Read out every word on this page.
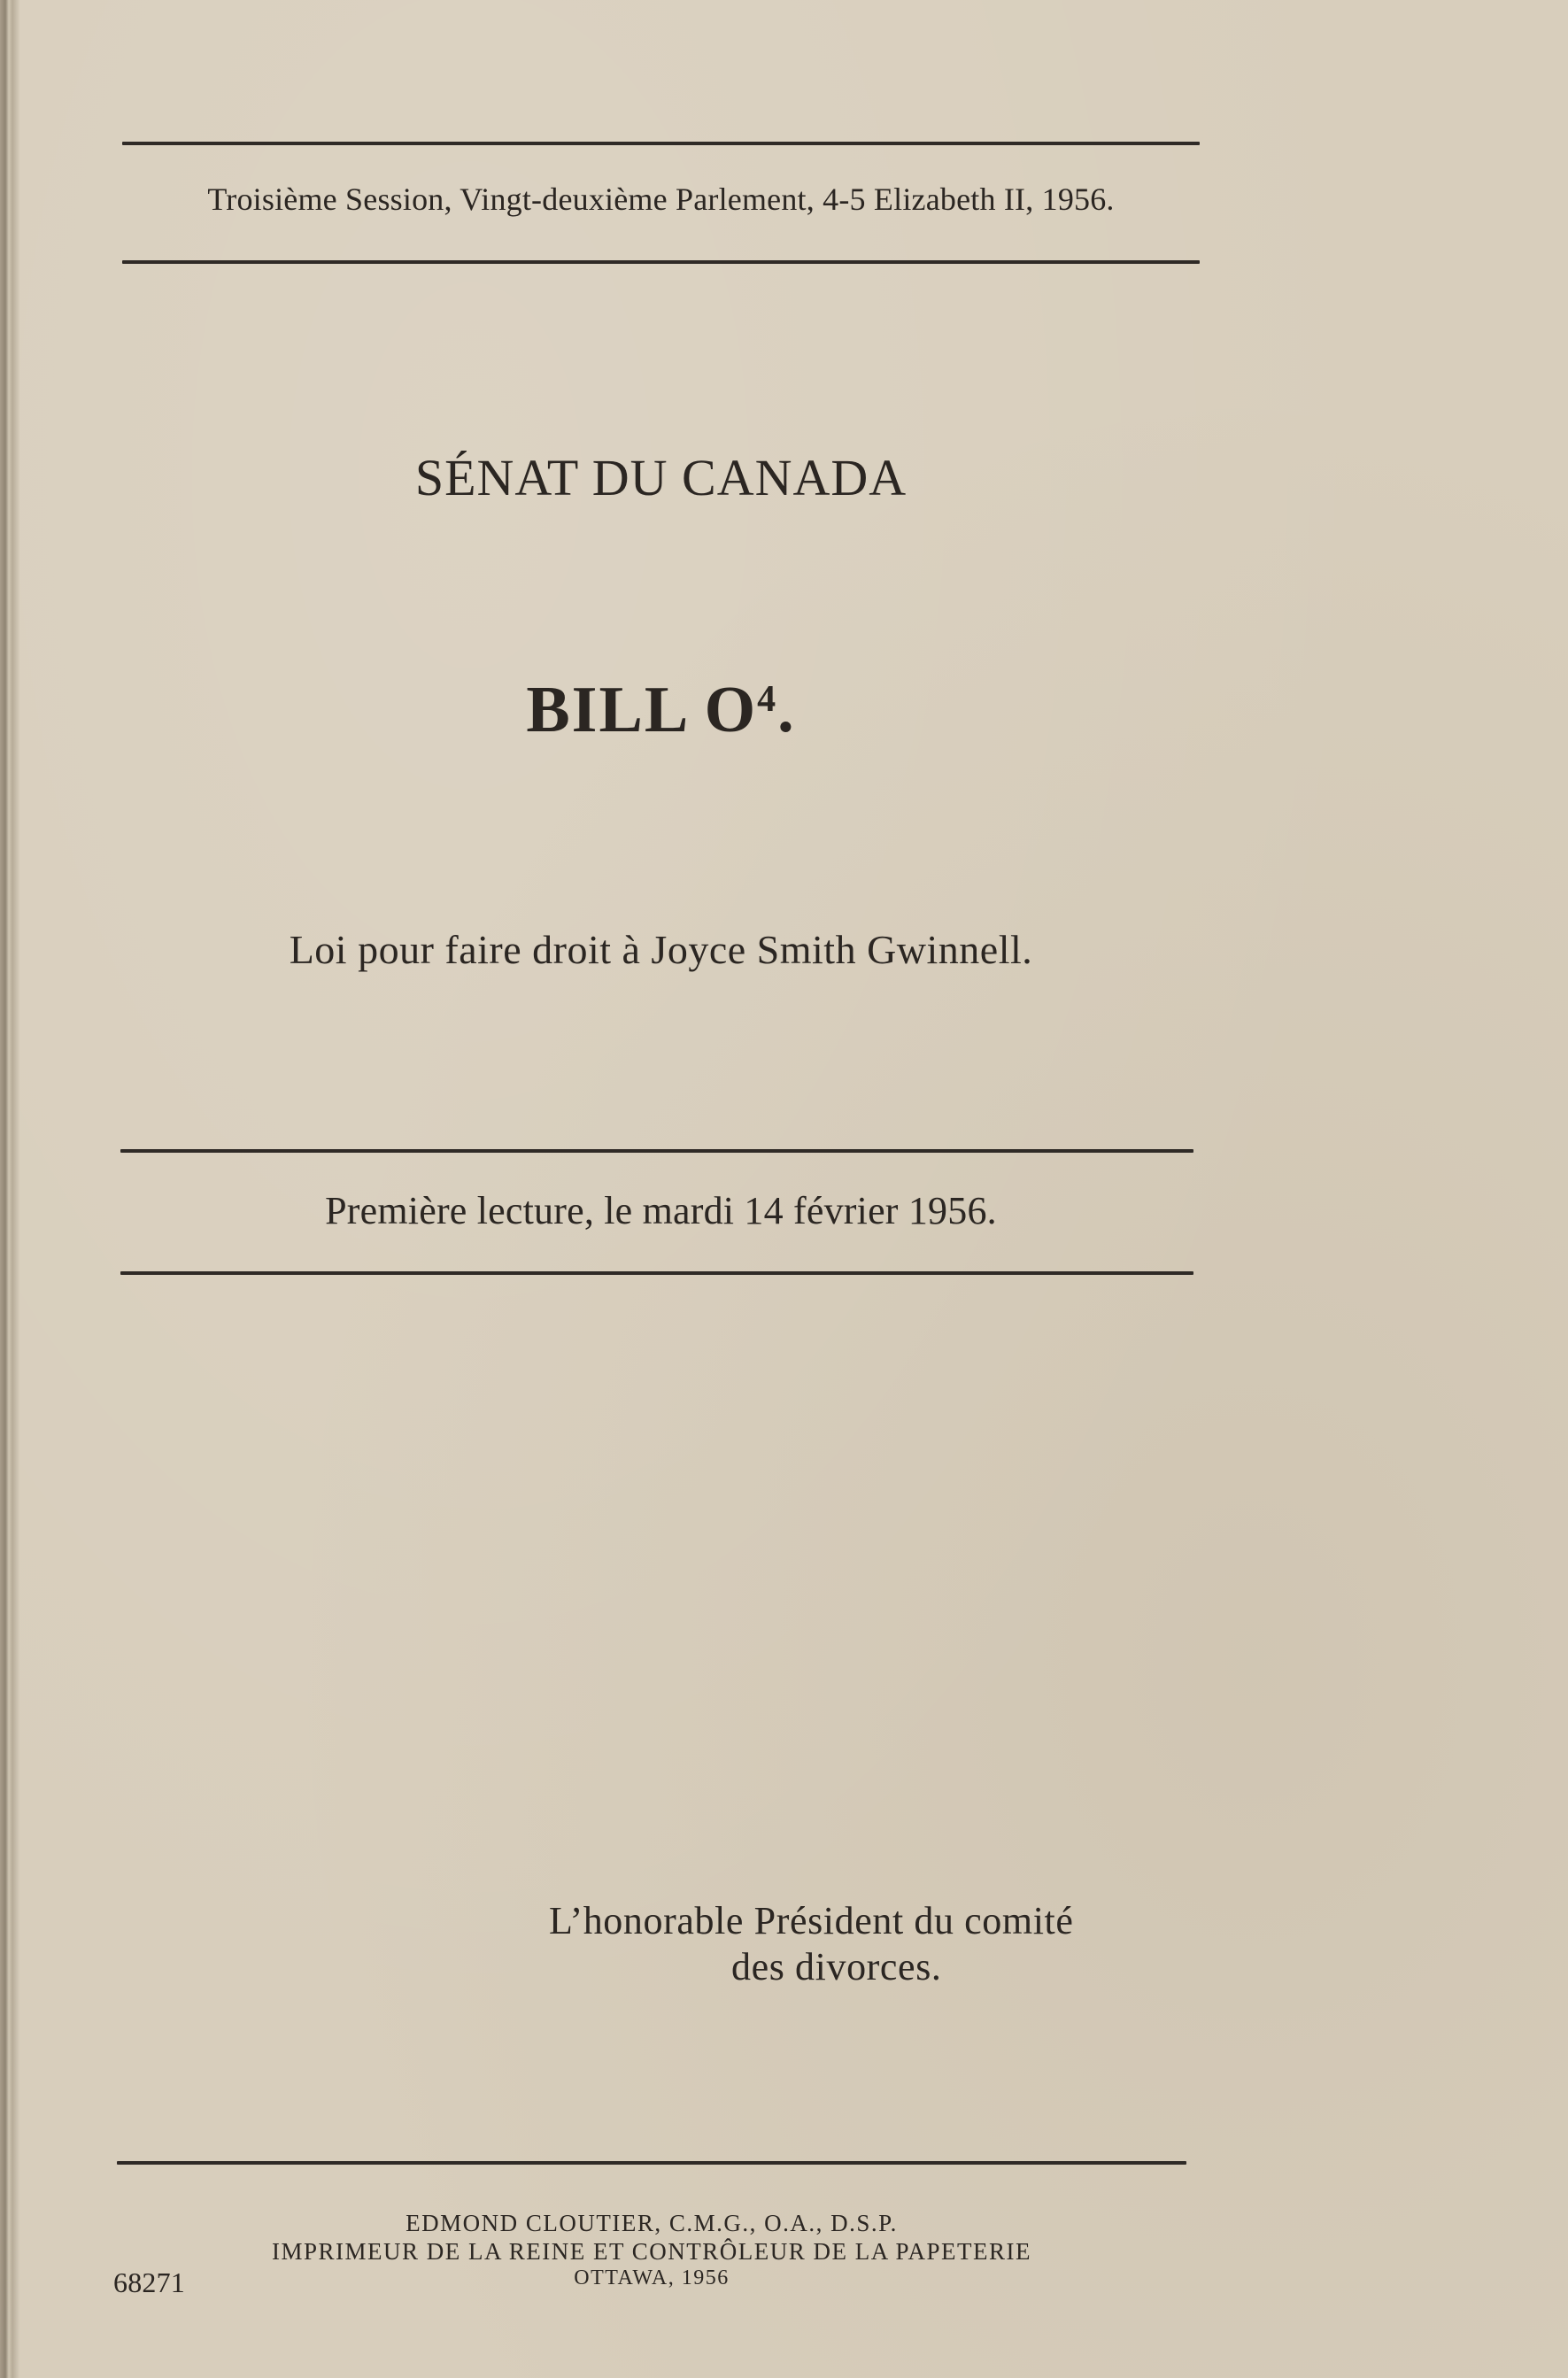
Troisième Session, Vingt-deuxième Parlement, 4-5 Elizabeth II, 1956.
SÉNAT DU CANADA
BILL $O^4$.
Loi pour faire droit à Joyce Smith Gwinnell.
Première lecture, le mardi 14 février 1956.
L’honorable Président du comité
des divorces.
EDMOND CLOUTIER, C.M.G., O.A., D.S.P.
IMPRIMEUR DE LA REINE ET CONTRÔLEUR DE LA PAPETERIE
OTTAWA, 1956
68271
